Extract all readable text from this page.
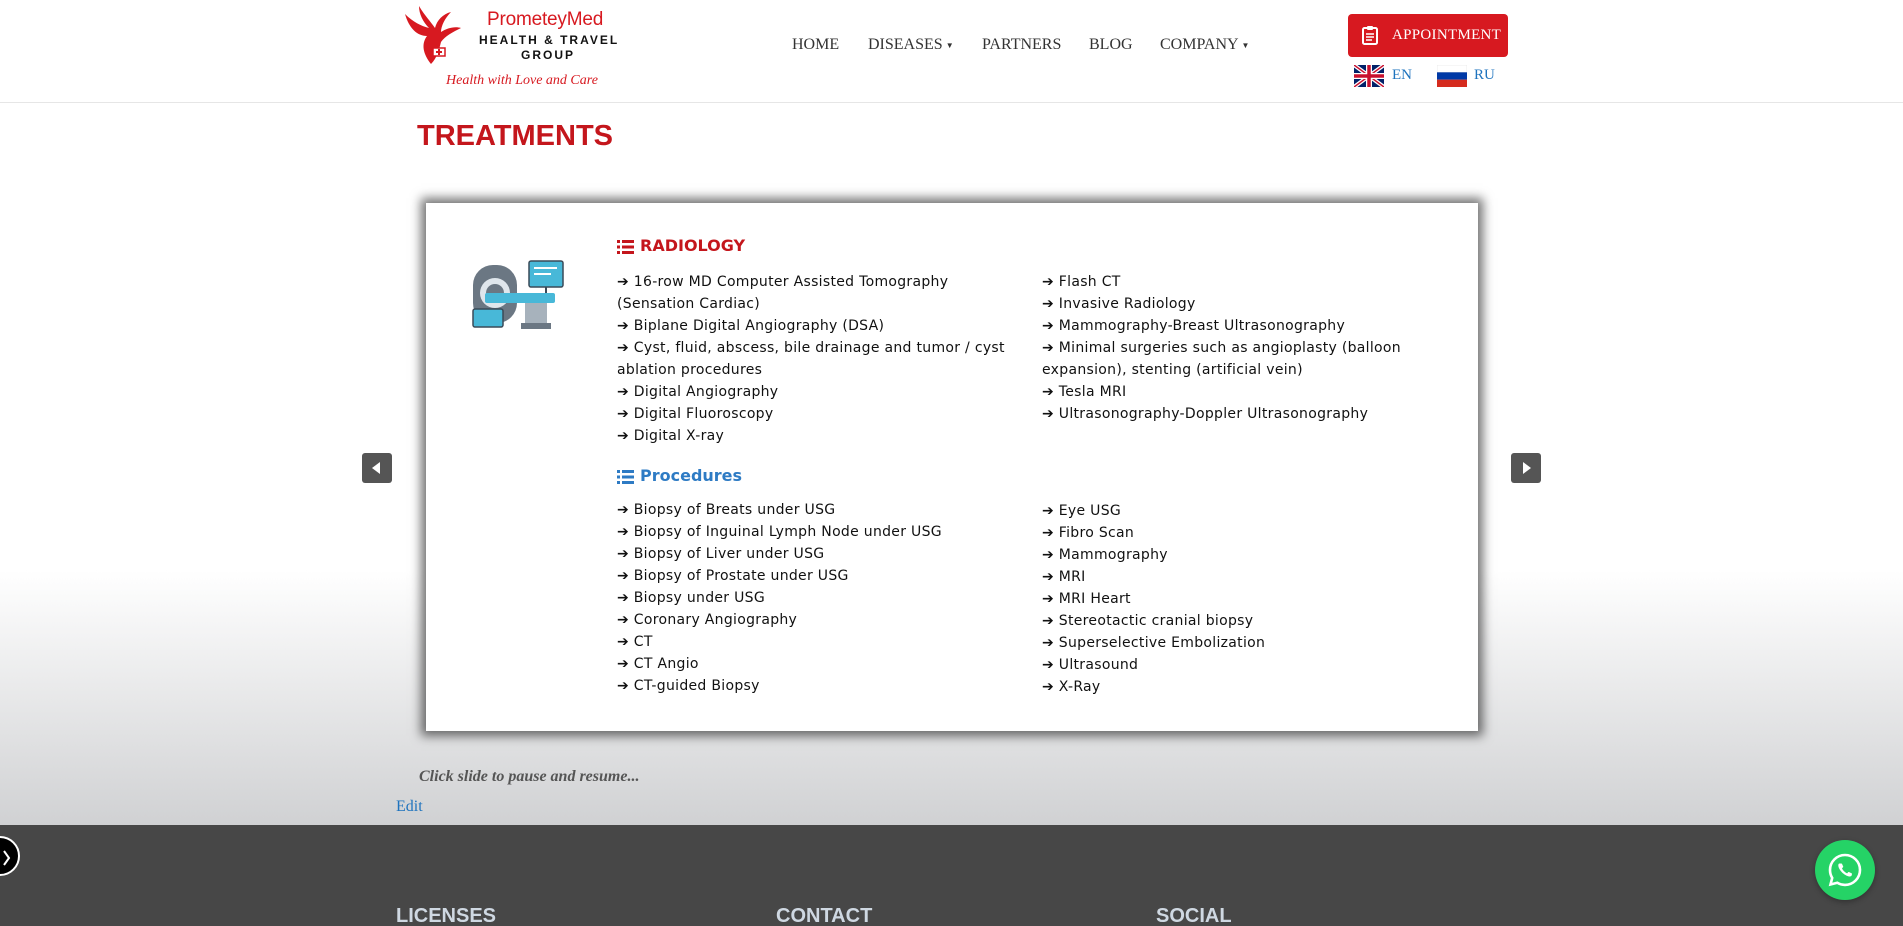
PrometeyMed
HEALTH & TRAVEL
GROUP
Health with Love and Care
HOME DISEASES ▼ PARTNERS BLOG COMPANY ▼
APPOINTMENT
EN	RU
TREATMENTS
RADIOLOGY
➔ 16-row MD Computer Assisted Tomography
(Sensation Cardiac)
➔ Biplane Digital Angiography (DSA)
➔ Cyst, fluid, abscess, bile drainage and tumor / cyst
ablation procedures
➔ Digital Angiography
➔ Digital Fluoroscopy
➔ Digital X-ray
➔ Flash CT
➔ Invasive Radiology
➔ Mammography-Breast Ultrasonography
➔ Minimal surgeries such as angioplasty (balloon
expansion), stenting (artificial vein)
➔ Tesla MRI
➔ Ultrasonography-Doppler Ultrasonography
Procedures
➔ Biopsy of Breats under USG
➔ Biopsy of Inguinal Lymph Node under USG
➔ Biopsy of Liver under USG
➔ Biopsy of Prostate under USG
➔ Biopsy under USG
➔ Coronary Angiography
➔ CT
➔ CT Angio
➔ CT-guided Biopsy
➔ Eye USG
➔ Fibro Scan
➔ Mammography
➔ MRI
➔ MRI Heart
➔ Stereotactic cranial biopsy
➔ Superselective Embolization
➔ Ultrasound
➔ X-Ray
Click slide to pause and resume...
Edit
LICENSES	CONTACT	SOCIAL
